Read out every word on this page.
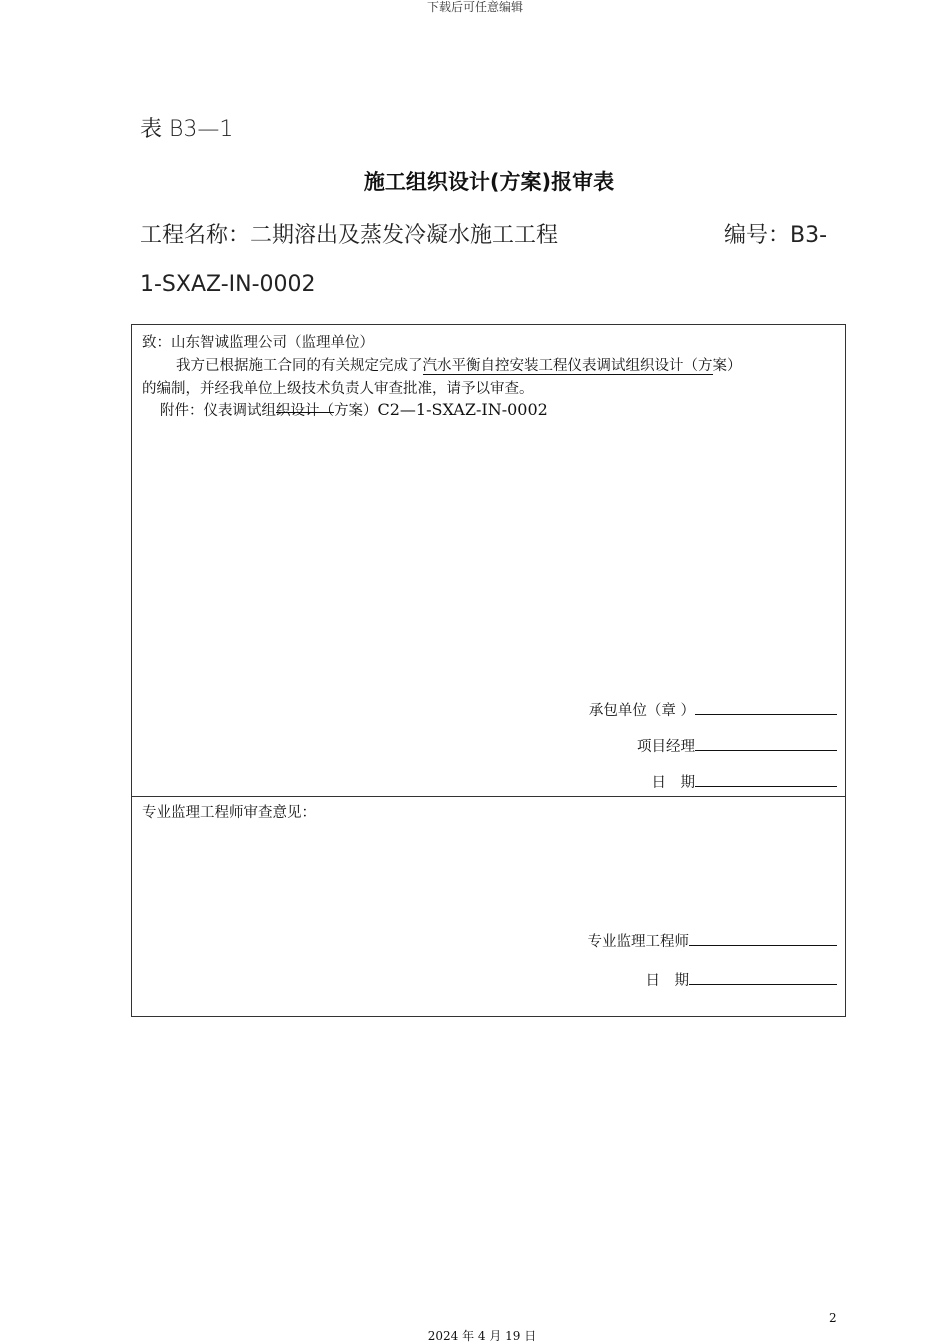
下载后可任意编辑
表 B3—1
施工组织设计(方案)报审表
工程名称：二期溶出及蒸发冷凝水施工工程	编号：B3-
1-SXAZ-IN-0002
致：山东智诚监理公司（监理单位）
我方已根据施工合同的有关规定完成了汽水平衡自控安装工程仪表调试组织设计（方案）
的编制，并经我单位上级技术负责人审查批准，请予以审查。
附件：仪表调试组织设计（方案）C2—1-SXAZ-IN-0002
承包单位（章 ）
项目经理
日　期
专业监理工程师审查意见：
专业监理工程师
日　期
2
2024 年 4 月 19 日
